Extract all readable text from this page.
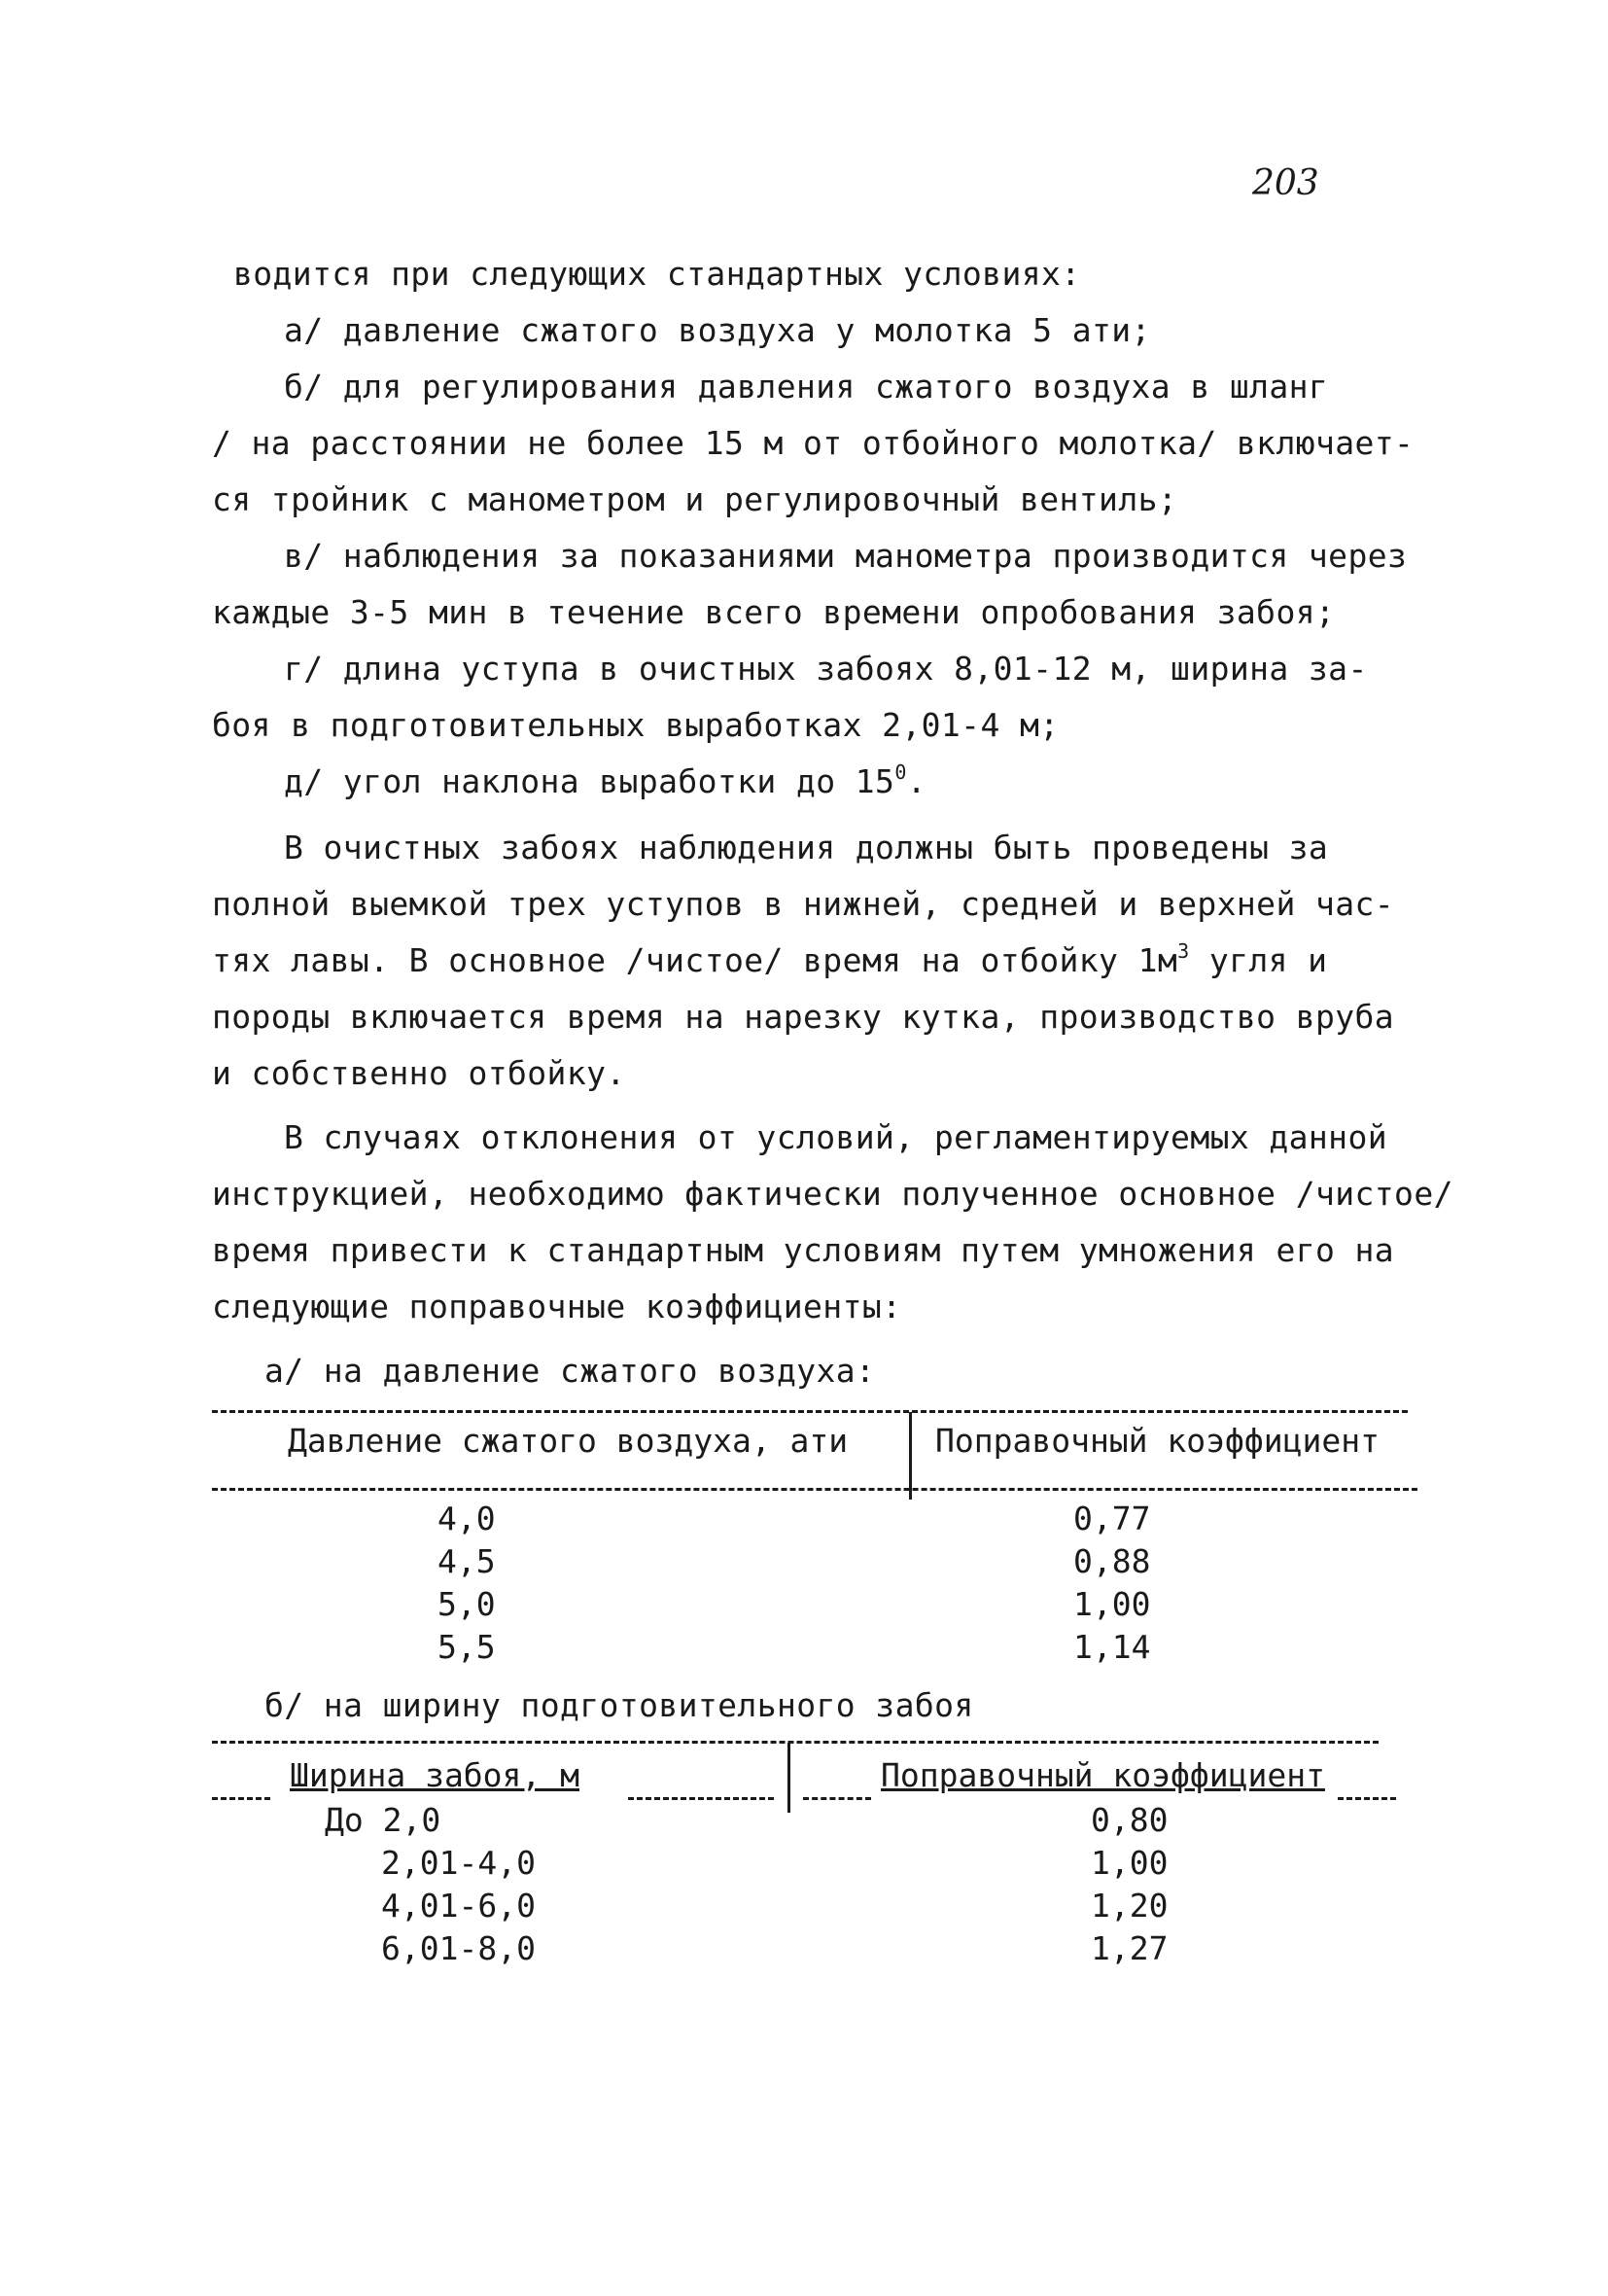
203
водится при следующих стандартных условиях:
а/ давление сжатого воздуха у молотка 5 ати;
б/ для регулирования давления сжатого воздуха в шланг
/ на расстоянии не более 15 м от отбойного молотка/ включает-
ся тройник с манометром и регулировочный вентиль;
в/ наблюдения за показаниями манометра производится через
каждые 3-5 мин в течение всего времени опробования забоя;
г/ длина уступа в очистных забоях 8,01-12 м, ширина за-
боя в подготовительных выработках 2,01-4 м;
д/ угол наклона выработки до $15^0$.
В очистных забоях наблюдения должны быть проведены за
полной выемкой трех уступов в нижней, средней и верхней час-
тях лавы. В основное /чистое/ время на отбойку $1м^3$ угля и
породы включается время на нарезку кутка, производство вруба
и собственно отбойку.
В случаях отклонения от условий, регламентируемых данной
инструкцией, необходимо фактически полученное основное /чистое/
время привести к стандартным условиям путем умножения его на
следующие поправочные коэффициенты:
а/ на давление сжатого воздуха:
Давление сжатого воздуха, ати	Поправочный коэффициент
4,0	0,77
4,5	0,88
5,0	1,00
5,5	1,14
б/ на ширину подготовительного забоя
Ширина забоя, м	Поправочный коэффициент
До 2,0	0,80
2,01-4,0	1,00
4,01-6,0	1,20
6,01-8,0	1,27
